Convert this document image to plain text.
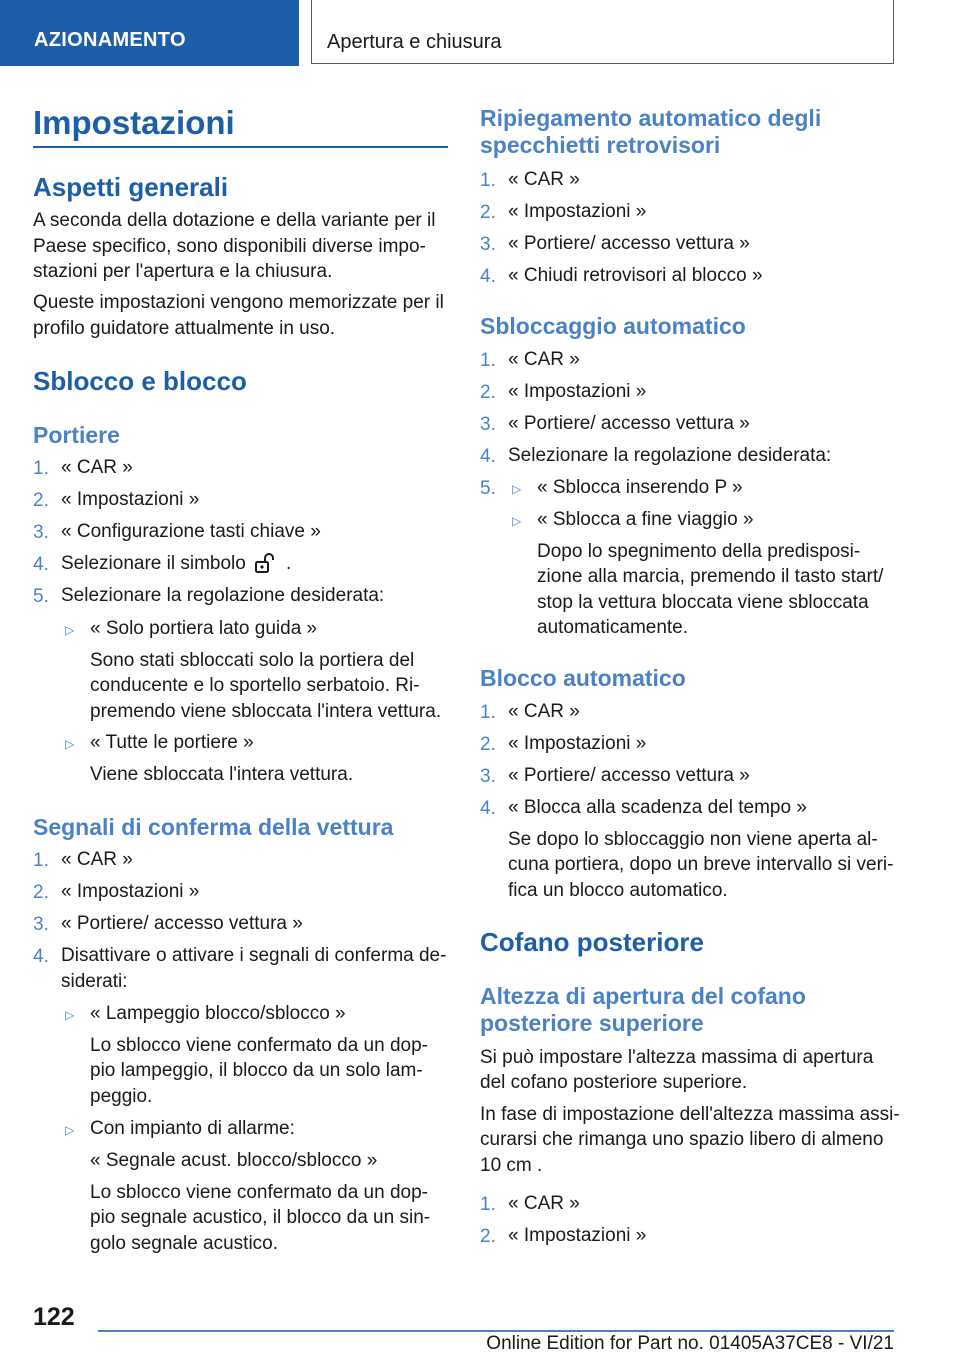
AZIONAMENTO	Apertura e chiusura
Impostazioni
Aspetti generali
A seconda della dotazione e della variante per il
Paese specifico, sono disponibili diverse impo-
stazioni per l'apertura e la chiusura.
Queste impostazioni vengono memorizzate per il
profilo guidatore attualmente in uso.
Sblocco e blocco
Portiere
1. « CAR »
2. « Impostazioni »
3. « Configurazione tasti chiave »
4. Selezionare il simbolo .
5. Selezionare la regolazione desiderata:
▷ « Solo portiera lato guida »
Sono stati sbloccati solo la portiera del
conducente e lo sportello serbatoio. Ri-
premendo viene sbloccata l'intera vettura.
▷ « Tutte le portiere »
Viene sbloccata l'intera vettura.
Segnali di conferma della vettura
1. « CAR »
2. « Impostazioni »
3. « Portiere/ accesso vettura »
4. Disattivare o attivare i segnali di conferma de-
siderati:
▷ « Lampeggio blocco/sblocco »
Lo sblocco viene confermato da un dop-
pio lampeggio, il blocco da un solo lam-
peggio.
▷ Con impianto di allarme:
« Segnale acust. blocco/sblocco »
Lo sblocco viene confermato da un dop-
pio segnale acustico, il blocco da un sin-
golo segnale acustico.
Ripiegamento automatico degli
specchietti retrovisori
1. « CAR »
2. « Impostazioni »
3. « Portiere/ accesso vettura »
4. « Chiudi retrovisori al blocco »
Sbloccaggio automatico
1. « CAR »
2. « Impostazioni »
3. « Portiere/ accesso vettura »
4. Selezionare la regolazione desiderata:
5. ▷ « Sblocca inserendo P »
▷ « Sblocca a fine viaggio »
Dopo lo spegnimento della predisposi-
zione alla marcia, premendo il tasto start/
stop la vettura bloccata viene sbloccata
automaticamente.
Blocco automatico
1. « CAR »
2. « Impostazioni »
3. « Portiere/ accesso vettura »
4. « Blocca alla scadenza del tempo »
Se dopo lo sbloccaggio non viene aperta al-
cuna portiera, dopo un breve intervallo si veri-
fica un blocco automatico.
Cofano posteriore
Altezza di apertura del cofano
posteriore superiore
Si può impostare l'altezza massima di apertura
del cofano posteriore superiore.
In fase di impostazione dell'altezza massima assi-
curarsi che rimanga uno spazio libero di almeno
10 cm .
1. « CAR »
2. « Impostazioni »
122
Online Edition for Part no. 01405A37CE8 - VI/21
